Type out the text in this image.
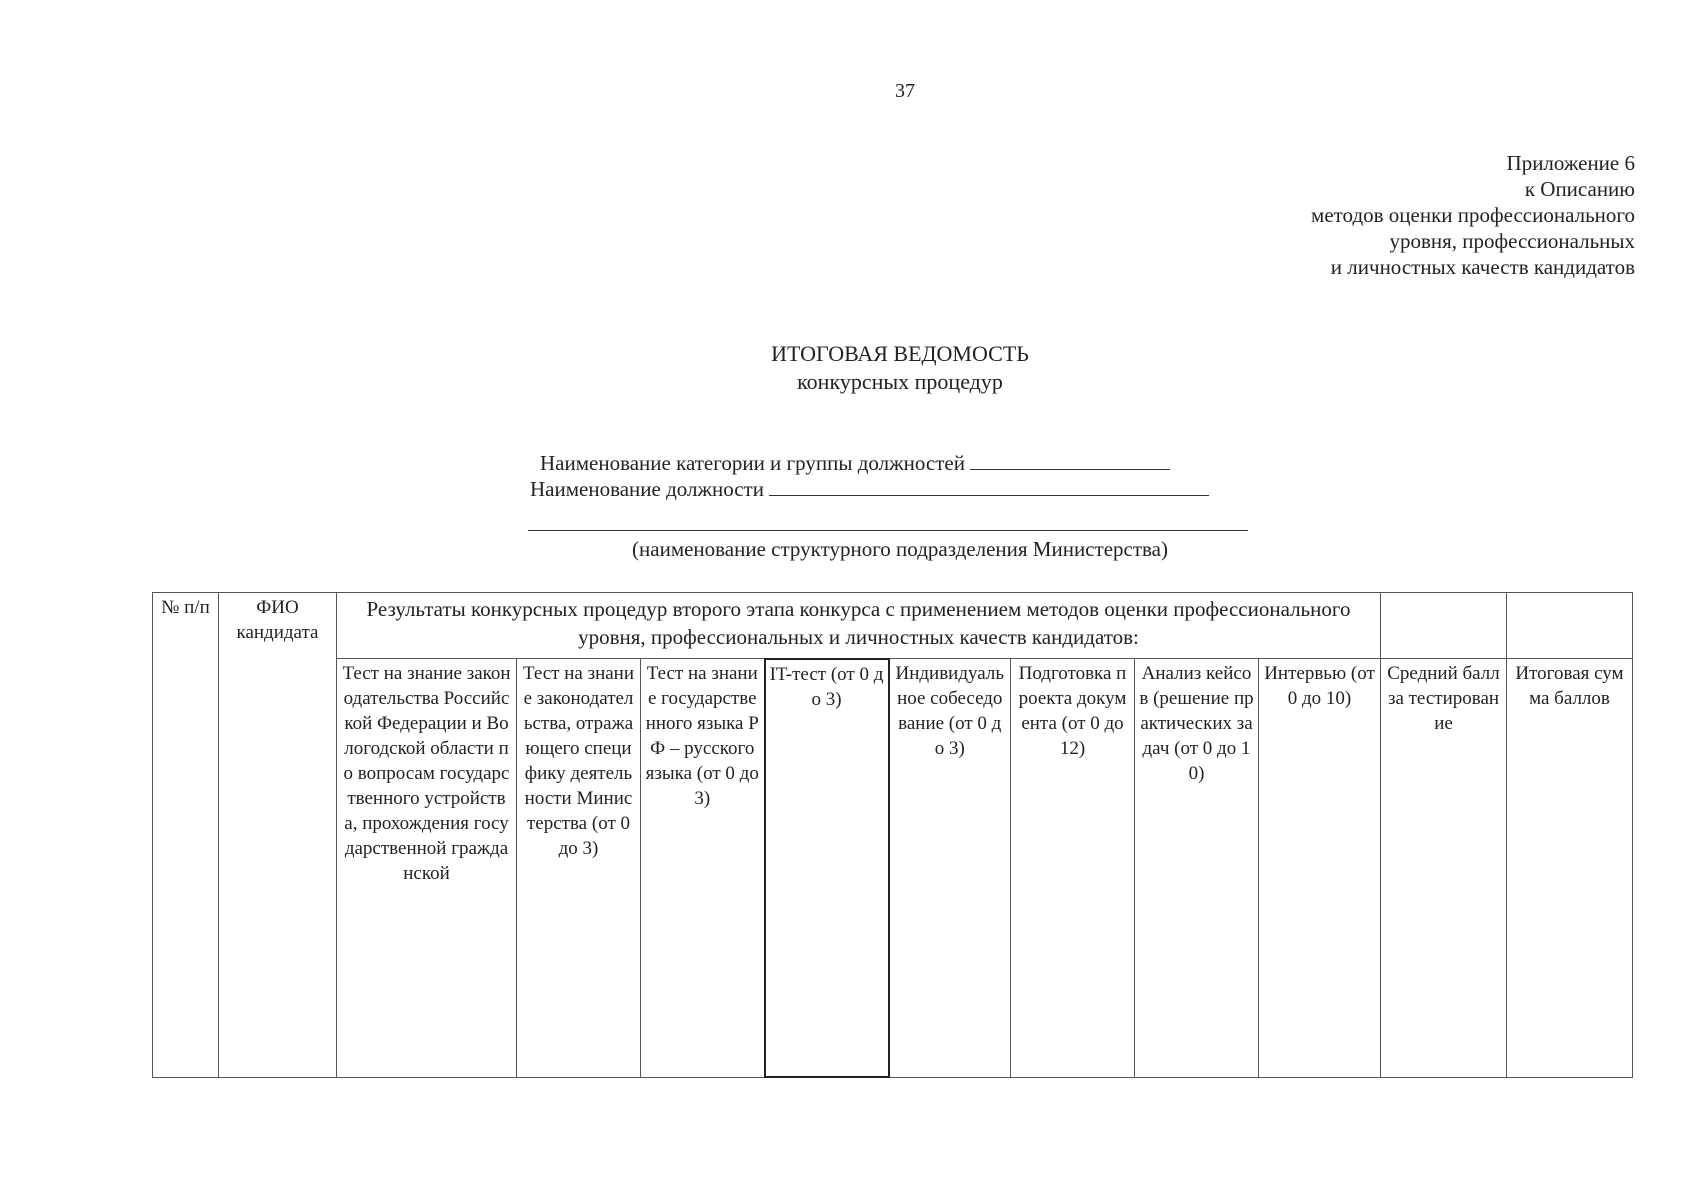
37
Приложение 6
к Описанию
методов оценки профессионального
уровня, профессиональных
и личностных качеств кандидатов
ИТОГОВАЯ ВЕДОМОСТЬ
конкурсных процедур
Наименование категории и группы должностей
Наименование должности
(наименование структурного подразделения Министерства)
№ п/п	ФИО кандидата	Результаты конкурсных процедур второго этапа конкурса с применением методов оценки профессионального уровня, профессиональных и личностных качеств кандидатов:									
		Тест на знание законодательства Российской Федерации и Вологодской области по вопросам государственного устройства, прохождения государственной гражданской	Тест на знание законодательства, отражающего специфику деятельности Министерства (от 0 до 3)	Тест на знание государственного языка РФ – русского языка (от 0 до 3)	IT-тест (от 0 до 3)	Индивидуальное собеседование (от 0 до 3)	Подготовка проекта документа (от 0 до 12)	Анализ кейсов (решение практических задач (от 0 до 10)	Интервью (от 0 до 10)	Средний балл за тестирование	Итоговая сумма баллов
